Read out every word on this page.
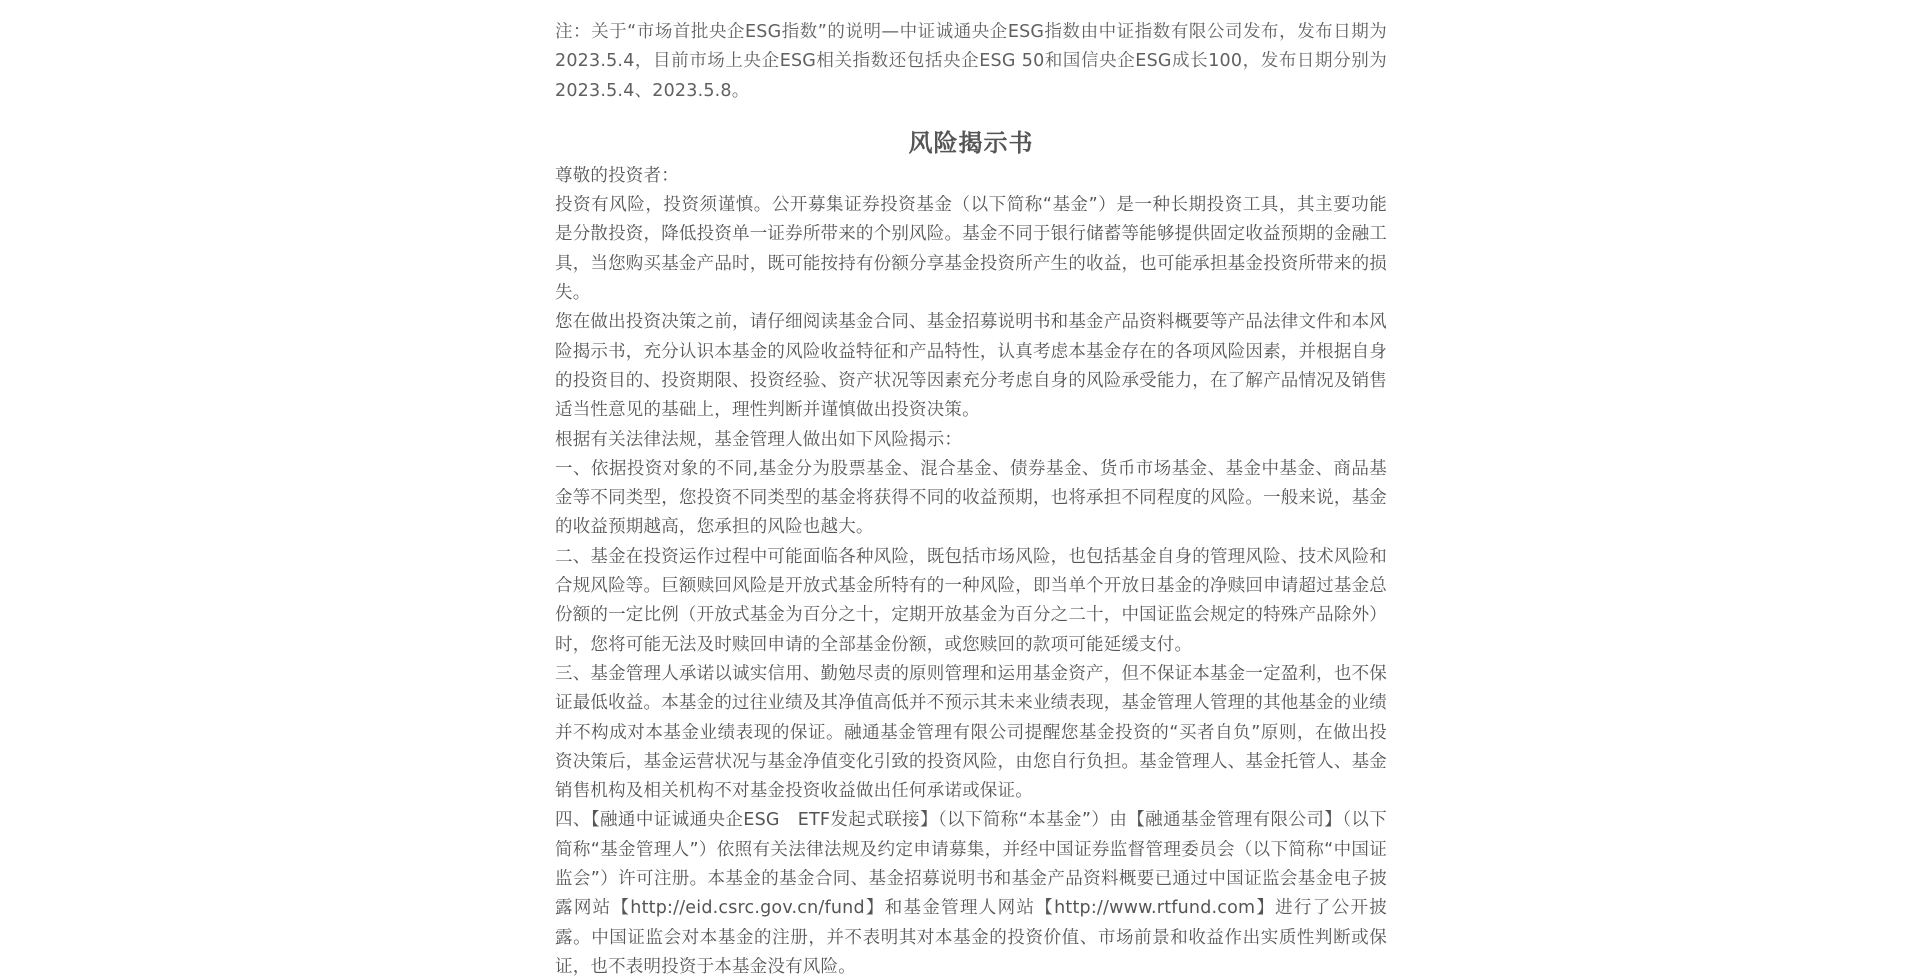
注：关于“市场首批央企ESG指数”的说明—中证诚通央企ESG指数由中证指数有限公司发布，发布日期为2023.5.4，目前市场上央企ESG相关指数还包括央企ESG 50和国信央企ESG成长100，发布日期分别为2023.5.4、2023.5.8。

风险揭示书

尊敬的投资者：

投资有风险，投资须谨慎。公开募集证券投资基金（以下简称“基金”）是一种长期投资工具，其主要功能是分散投资，降低投资单一证券所带来的个别风险。基金不同于银行储蓄等能够提供固定收益预期的金融工具，当您购买基金产品时，既可能按持有份额分享基金投资所产生的收益，也可能承担基金投资所带来的损失。

您在做出投资决策之前，请仔细阅读基金合同、基金招募说明书和基金产品资料概要等产品法律文件和本风险揭示书，充分认识本基金的风险收益特征和产品特性，认真考虑本基金存在的各项风险因素，并根据自身的投资目的、投资期限、投资经验、资产状况等因素充分考虑自身的风险承受能力，在了解产品情况及销售适当性意见的基础上，理性判断并谨慎做出投资决策。

根据有关法律法规，基金管理人做出如下风险揭示：

一、依据投资对象的不同,基金分为股票基金、混合基金、债券基金、货币市场基金、基金中基金、商品基金等不同类型，您投资不同类型的基金将获得不同的收益预期，也将承担不同程度的风险。一般来说，基金的收益预期越高，您承担的风险也越大。

二、基金在投资运作过程中可能面临各种风险，既包括市场风险，也包括基金自身的管理风险、技术风险和合规风险等。巨额赎回风险是开放式基金所特有的一种风险，即当单个开放日基金的净赎回申请超过基金总份额的一定比例（开放式基金为百分之十，定期开放基金为百分之二十，中国证监会规定的特殊产品除外）时，您将可能无法及时赎回申请的全部基金份额，或您赎回的款项可能延缓支付。

三、基金管理人承诺以诚实信用、勤勉尽责的原则管理和运用基金资产，但不保证本基金一定盈利，也不保证最低收益。本基金的过往业绩及其净值高低并不预示其未来业绩表现，基金管理人管理的其他基金的业绩并不构成对本基金业绩表现的保证。融通基金管理有限公司提醒您基金投资的“买者自负”原则，在做出投资决策后，基金运营状况与基金净值变化引致的投资风险，由您自行负担。基金管理人、基金托管人、基金销售机构及相关机构不对基金投资收益做出任何承诺或保证。

四、【融通中证诚通央企ESG　ETF发起式联接】（以下简称“本基金”）由【融通基金管理有限公司】（以下简称“基金管理人”）依照有关法律法规及约定申请募集，并经中国证券监督管理委员会（以下简称“中国证监会”）许可注册。本基金的基金合同、基金招募说明书和基金产品资料概要已通过中国证监会基金电子披露网站【http://eid.csrc.gov.cn/fund】和基金管理人网站【http://www.rtfund.com】进行了公开披露。中国证监会对本基金的注册，并不表明其对本基金的投资价值、市场前景和收益作出实质性判断或保证，也不表明投资于本基金没有风险。
